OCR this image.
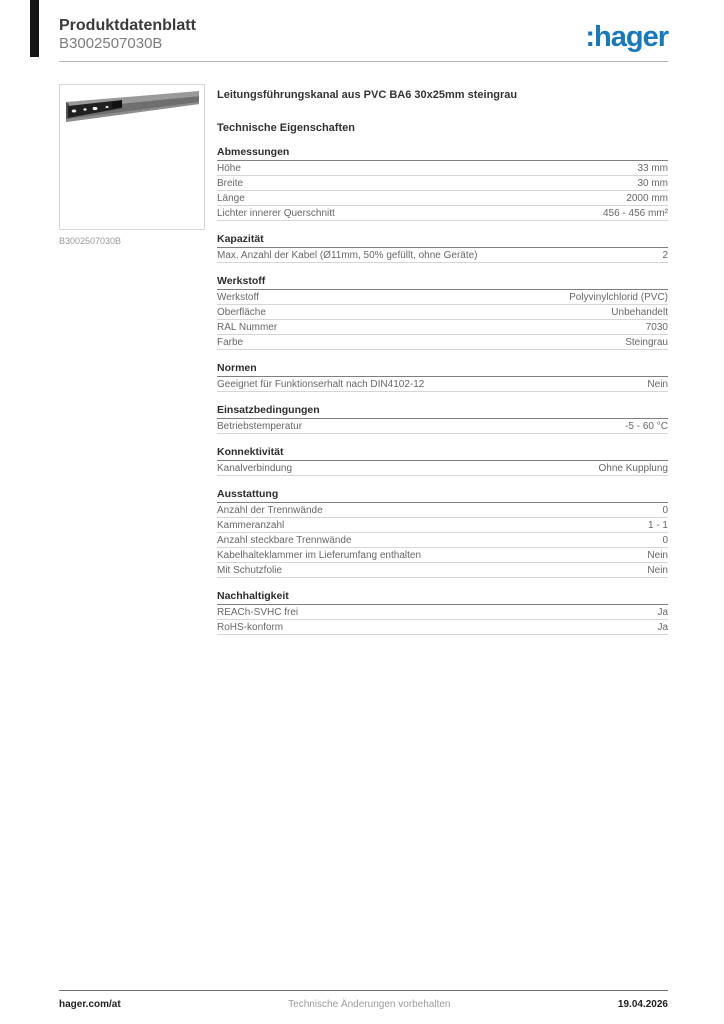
Produktdatenblatt
B3002507030B	:hager
B3002507030B

Leitungsführungskanal aus PVC BA6 30x25mm steingrau

Technische Eigenschaften

Abmessungen
Höhe	33 mm
Breite	30 mm
Länge	2000 mm
Lichter innerer Querschnitt	456 - 456 mm²
Kapazität
Max. Anzahl der Kabel (Ø11mm, 50% gefüllt, ohne Geräte)	2
Werkstoff
Werkstoff	Polyvinylchlorid (PVC)
Oberfläche	Unbehandelt
RAL Nummer	7030
Farbe	Steingrau
Normen
Geeignet für Funktionserhalt nach DIN4102-12	Nein
Einsatzbedingungen
Betriebstemperatur	-5 - 60 °C
Konnektivität
Kanalverbindung	Ohne Kupplung
Ausstattung
Anzahl der Trennwände	0
Kammeranzahl	1 - 1
Anzahl steckbare Trennwände	0
Kabelhalteklammer im Lieferumfang enthalten	Nein
Mit Schutzfolie	Nein
Nachhaltigkeit
REACh-SVHC frei	Ja
RoHS-konform	Ja
hager.com/at	Technische Änderungen vorbehalten	19.04.2026
